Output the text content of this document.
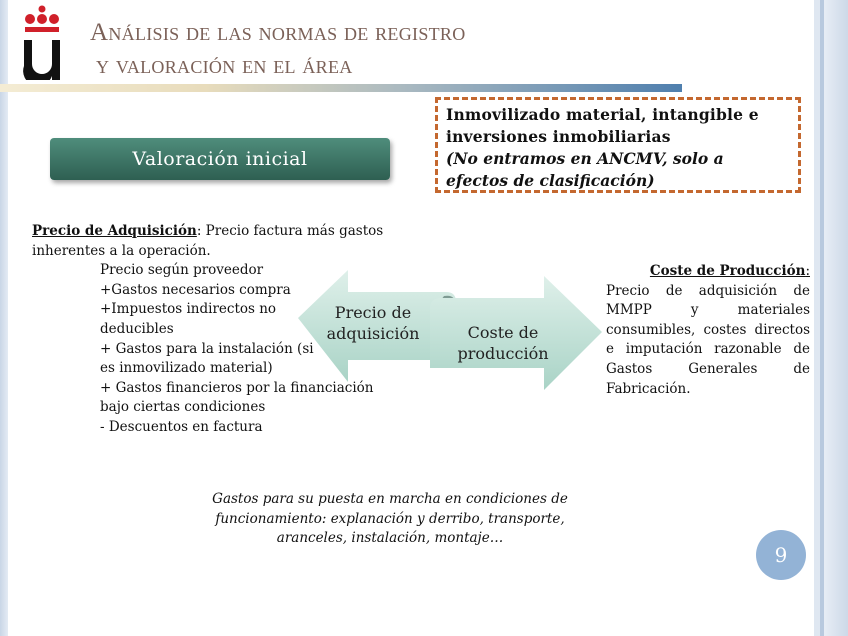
Análisis de las normas de registro
y valoración en el área
Inmovilizado material, intangible e
inversiones inmobiliarias
(No entramos en ANCMV, solo a
efectos de clasificación)
Valoración inicial
Precio de Adquisición: Precio factura más gastos inherentes a la operación.
Precio según proveedor
+Gastos necesarios compra
+Impuestos indirectos no deducibles
+ Gastos para la instalación (si es inmovilizado material)
+ Gastos financieros por la financiación bajo ciertas condiciones
- Descuentos en factura
Precio de adquisición	Coste de producción
Coste de Producción:
Precio de adquisición de MMPP y materiales consumibles, costes directos e imputación razonable de Gastos Generales de Fabricación.
Gastos para su puesta en marcha en condiciones de funcionamiento: explanación y derribo, transporte, aranceles, instalación, montaje…
9
